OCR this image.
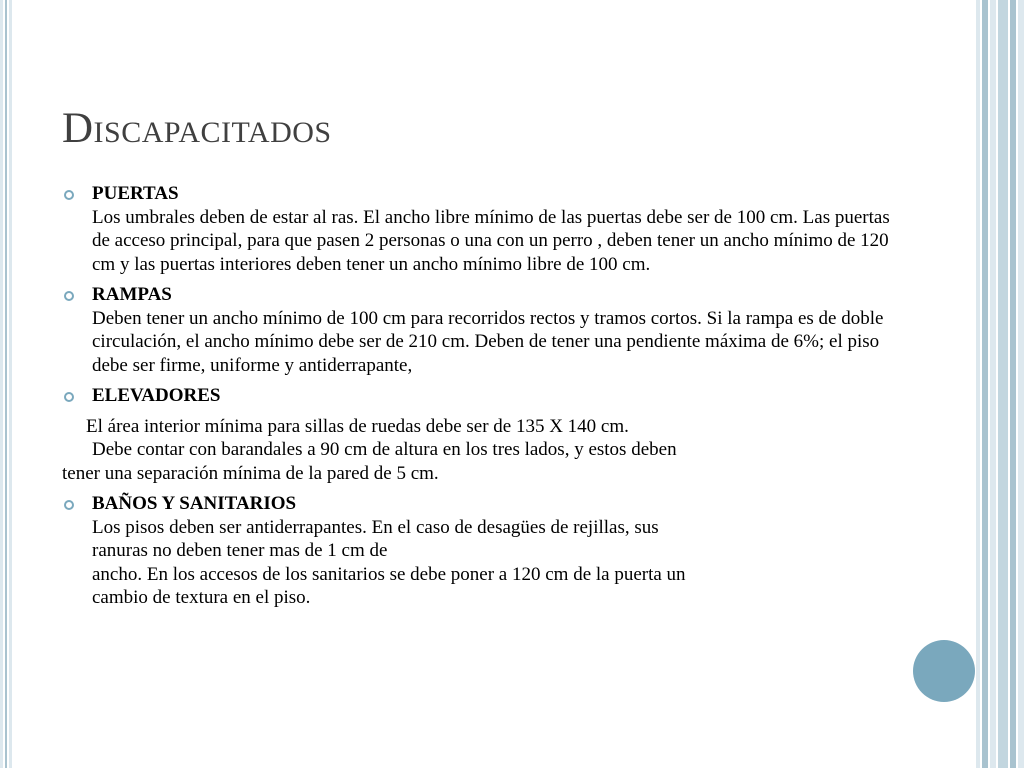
Discapacitados
PUERTAS
Los umbrales deben de estar al ras. El ancho libre mínimo de las puertas debe ser de 100 cm. Las puertas de acceso principal, para que pasen 2 personas o una con un perro , deben tener un ancho mínimo de 120 cm y las puertas interiores deben tener un ancho mínimo libre de 100 cm.
RAMPAS
Deben tener un ancho mínimo de 100 cm para recorridos rectos y tramos cortos. Si la rampa es de doble circulación, el ancho mínimo debe ser de 210 cm. Deben de tener una pendiente máxima de 6%; el piso debe ser firme, uniforme y antiderrapante,
ELEVADORES
El área interior mínima para sillas de ruedas debe ser de 135 X 140 cm.
Debe contar con barandales a 90 cm de altura en los tres lados, y estos deben
tener una separación mínima de la pared de 5 cm.
BAÑOS Y SANITARIOS
Los pisos deben ser antiderrapantes. En el caso de desagües de rejillas, sus
ranuras no deben tener mas de 1 cm de
ancho. En los accesos de los sanitarios se debe poner a 120 cm de la puerta un
cambio de textura en el piso.
